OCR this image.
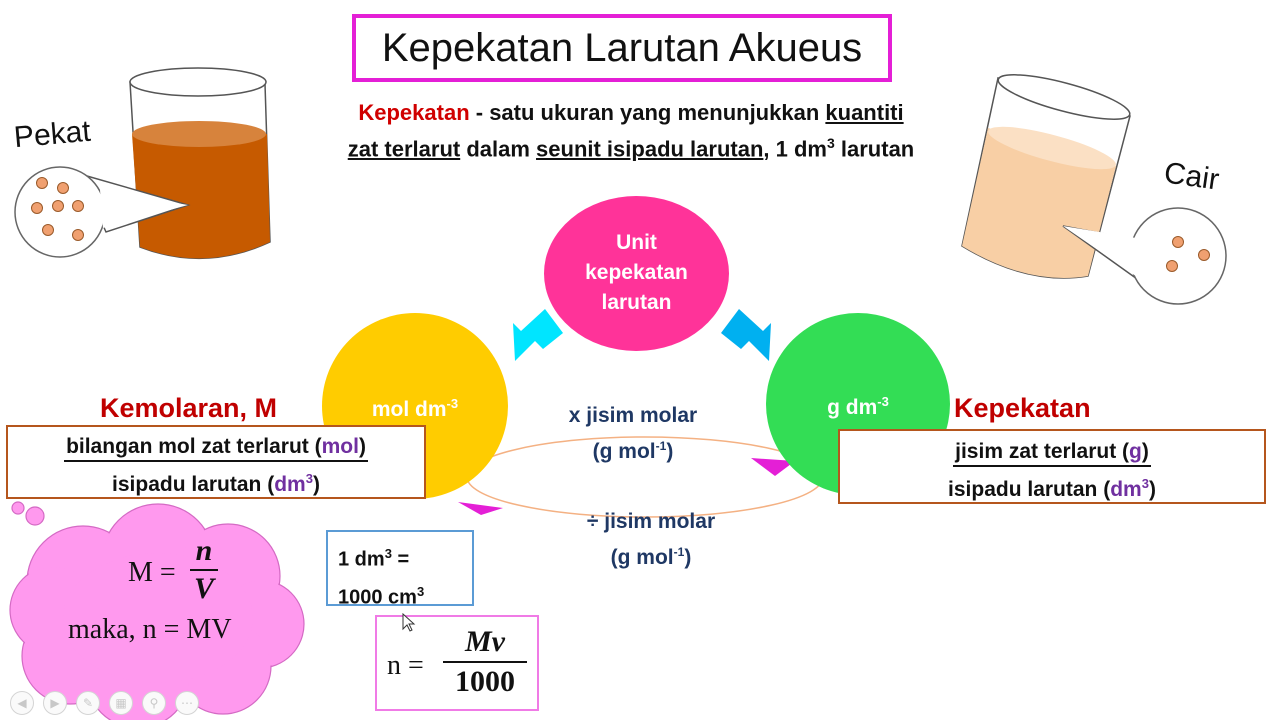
Kepekatan Larutan Akueus
Kepekatan - satu ukuran yang menunjukkan kuantiti
zat terlarut dalam seunit isipadu larutan, 1 $dm^3$ larutan
Pekat
Cair
Unit
kepekatan
larutan
mol $dm^{-3}$	g $dm^{-3}$
Kemolaran, M	Kepekatan
bilangan mol zat terlarut (mol)
isipadu larutan $(dm^3)$
jisim zat terlarut (g)
isipadu larutan $(dm^3)$
x jisim molar
(g mol$^{-1}$)
÷ jisim molar
(g mol$^{-1}$)
M =
n
V
maka, n = MV
1 $dm^3$ =
1000 $cm^3$
n =
Mv
1000
◀ ▶ ✎ ▦ ⚲ ⋯
